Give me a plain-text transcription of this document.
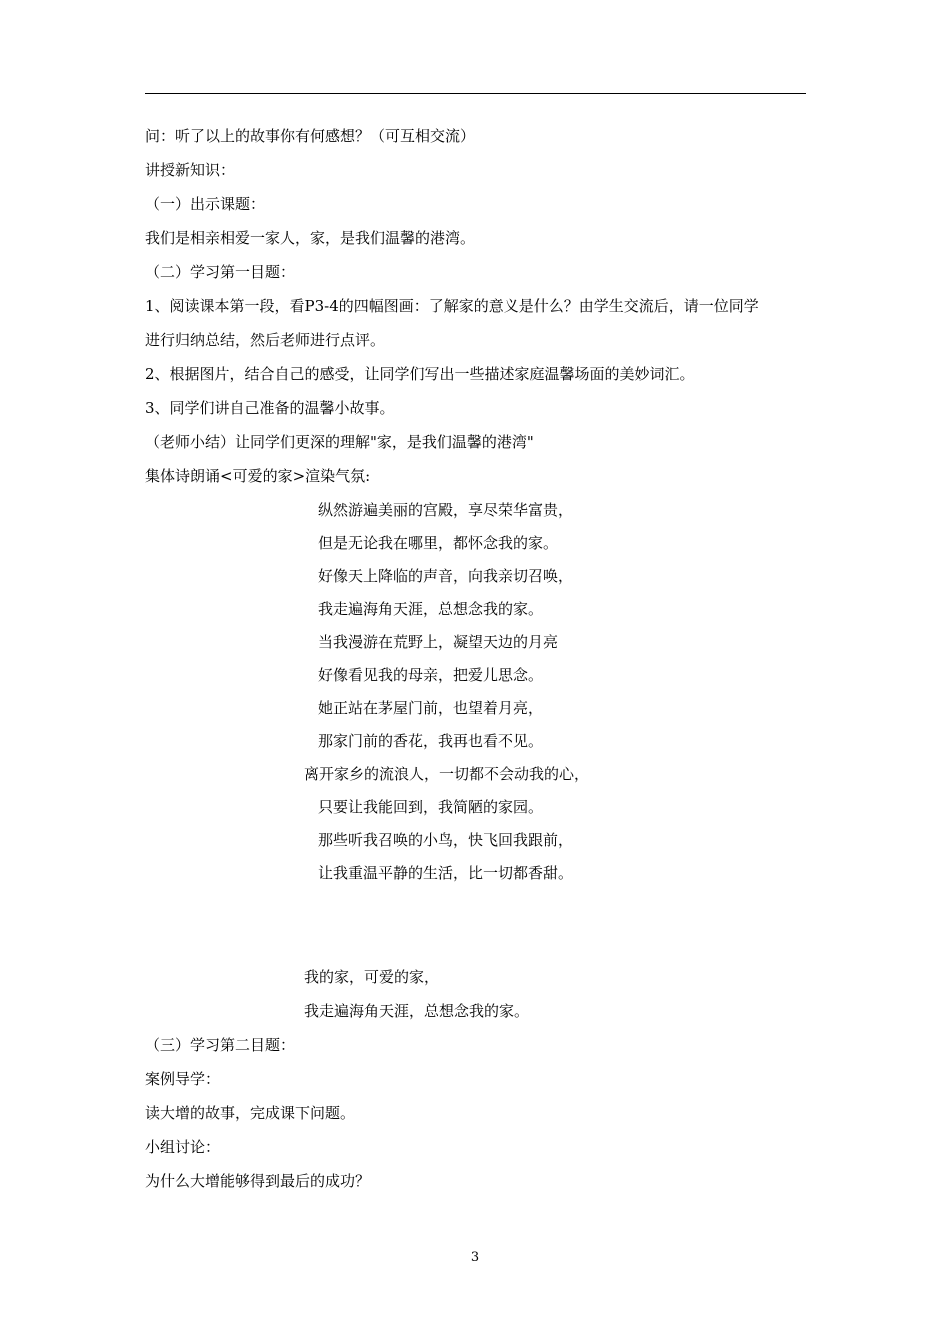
问：听了以上的故事你有何感想？（可互相交流）
讲授新知识：
（一）出示课题：
我们是相亲相爱一家人，家，是我们温馨的港湾。
（二）学习第一目题：
1、阅读课本第一段，看P3-4的四幅图画：了解家的意义是什么？由学生交流后，请一位同学
进行归纳总结，然后老师进行点评。
2、根据图片，结合自己的感受，让同学们写出一些描述家庭温馨场面的美妙词汇。
3、同学们讲自己准备的温馨小故事。
（老师小结）让同学们更深的理解"家，是我们温馨的港湾"
集体诗朗诵<可爱的家>渲染气氛:
纵然游遍美丽的宫殿，享尽荣华富贵，
但是无论我在哪里，都怀念我的家。
好像天上降临的声音，向我亲切召唤，
我走遍海角天涯，总想念我的家。
当我漫游在荒野上，凝望天边的月亮
好像看见我的母亲，把爱儿思念。
她正站在茅屋门前，也望着月亮，
那家门前的香花，我再也看不见。
离开家乡的流浪人，一切都不会动我的心，
只要让我能回到，我简陋的家园。
那些听我召唤的小鸟，快飞回我跟前，
让我重温平静的生活，比一切都香甜。
我的家，可爱的家，
我走遍海角天涯，总想念我的家。
（三）学习第二目题：
案例导学：
读大增的故事，完成课下问题。
小组讨论：
为什么大增能够得到最后的成功？
3
